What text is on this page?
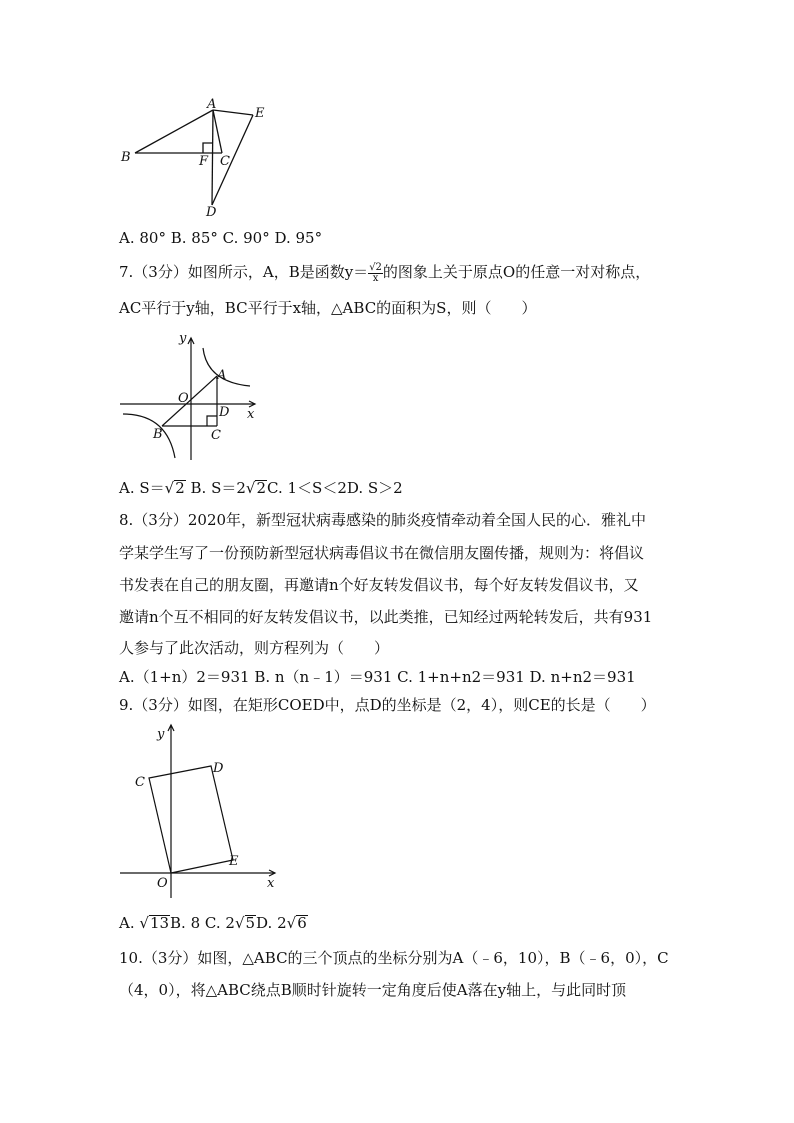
A
E
B	F C
D
A. 80° B. 85° C. 90° D. 95°
7.（3分）如图所示，A，B是函数$y= \frac{√2}{x}$ 的图象上关于原点O的任意一对对称点，
AC平行于y轴，BC平行于x轴，△ABC的面积为S，则（　　）
y
x
O
A
D
B	C
A. S＝√2 B. S＝2√2C. 1＜S＜2D. S＞2
8.（3分）2020年，新型冠状病毒感染的肺炎疫情牵动着全国人民的心．雅礼中
学某学生写了一份预防新型冠状病毒倡议书在微信朋友圈传播，规则为：将倡议
书发表在自己的朋友圈，再邀请n个好友转发倡议书，每个好友转发倡议书，又
邀请n个互不相同的好友转发倡议书，以此类推，已知经过两轮转发后，共有931
人参与了此次活动，则方程列为（　　）
A.（1+n）2＝931 B. n（n﹣1）＝931 C. 1+n+n2＝931 D. n+n2＝931
9.（3分）如图，在矩形COED中，点D的坐标是（2，4），则CE的长是（　　）
y
x
O
C
D
E
A. √13B. 8 C. 2√5D. 2√6
10.（3分）如图，△ABC的三个顶点的坐标分别为A（﹣6，10），B（﹣6，0），C
（4，0），将△ABC绕点B顺时针旋转一定角度后使A落在y轴上，与此同时顶
